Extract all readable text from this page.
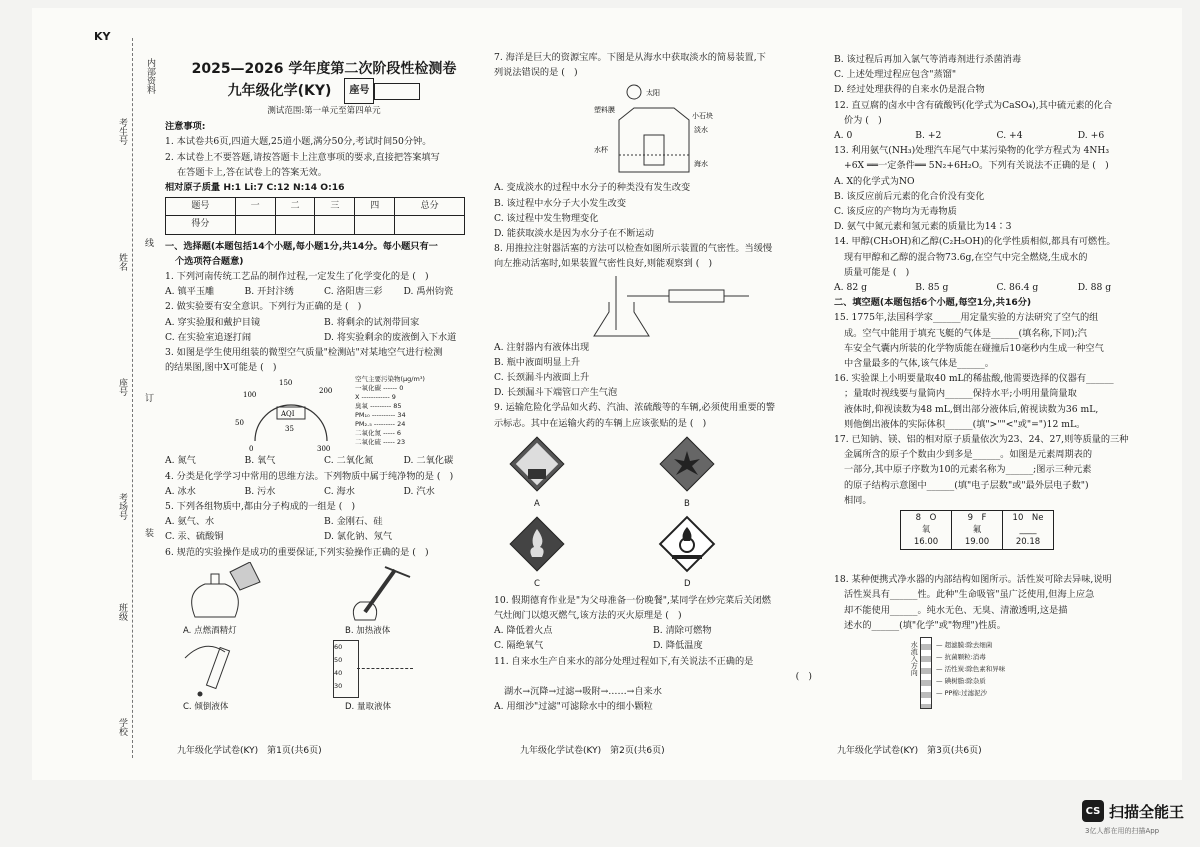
KY
内部资料
考生号
姓名
线
座号
订
考场号
装
班级
学校
2025—2026 学年度第二次阶段性检测卷
九年级化学(KY) 座号
测试范围:第一单元至第四单元
注意事项:
1. 本试卷共6页,四道大题,25道小题,满分50分,考试时间50分钟。
2. 本试卷上不要答题,请按答题卡上注意事项的要求,直接把答案填写
在答题卡上,答在试卷上的答案无效。
相对原子质量 H:1 Li:7 C:12 N:14 O:16
题号	一	二	三	四	总分
得分					
一、选择题(本题包括14个小题,每小题1分,共14分。每小题只有一
个选项符合题意)
1. 下列河南传统工艺品的制作过程,一定发生了化学变化的是 (　)
A. 镇平玉雕	B. 开封汴绣	C. 洛阳唐三彩	D. 禹州钧瓷
2. 做实验要有安全意识。下列行为正确的是 (　)
A. 穿实验服和戴护目镜	B. 将剩余的试剂带回家
C. 在实验室追逐打闹	D. 将实验剩余的废液倒入下水道
3. 如图是学生使用组装的微型空气质量"检测站"对某地空气进行检测
的结果图,图中X可能是 (　)
150
200
100
AQI
50
35
0	300
空气主要污染物(μg/m³)
一氧化碳 ------ 0
X ------------ 9
臭氧 --------- 85
PM₁₀ ---------- 34
PM₂.₅ --------- 24
二氧化氮 ----- 6
二氧化硫 ----- 23
A. 氮气	B. 氧气	C. 二氧化氮	D. 二氧化碳
4. 分类是化学学习中常用的思维方法。下列物质中属于纯净物的是 (　)
A. 冰水	B. 污水	C. 海水	D. 汽水
5. 下列各组物质中,都由分子构成的一组是 (　)
A. 氨气、水	B. 金刚石、硅
C. 汞、硫酸铜	D. 氯化钠、氖气
6. 规范的实验操作是成功的重要保证,下列实验操作正确的是 (　)
A. 点燃酒精灯	B. 加热液体
C. 倾倒液体
60
50
40
30
D. 量取液体
7. 海洋是巨大的资源宝库。下图是从海水中获取淡水的简易装置,下
列说法错误的是 (　)
太阳
塑料膜
小石块
淡水
水杯
海水
A. 变成淡水的过程中水分子的种类没有发生改变
B. 该过程中水分子大小发生改变
C. 该过程中发生物理变化
D. 能获取淡水是因为水分子在不断运动
8. 用推拉注射器活塞的方法可以检查如图所示装置的气密性。当缓慢
向左推动活塞时,如果装置气密性良好,则能观察到 (　)
A. 注射器内有液体出现
B. 瓶中液面明显上升
C. 长颈漏斗内液面上升
D. 长颈漏斗下端管口产生气泡
9. 运输危险化学品如火药、汽油、浓硫酸等的车辆,必须使用重要的警
示标志。其中在运输火药的车辆上应该张贴的是 (　)
A	B
C	D
10. 假期德育作业是"为父母准备一份晚餐",某同学在炒完菜后关闭燃
气灶阀门以熄灭燃气,该方法的灭火原理是 (　)
A. 降低着火点	B. 清除可燃物
C. 隔绝氧气	D. 降低温度
11. 自来水生产自来水的部分处理过程如下,有关说法不正确的是
(　)
湖水→沉降→过滤→吸附→……→自来水
A. 用细沙"过滤"可滤除水中的细小颗粒
B. 该过程后再加入氯气等消毒剂进行杀菌消毒
C. 上述处理过程应包含"蒸馏"
D. 经过处理获得的自来水仍是混合物
12. 直豆腐的卤水中含有硫酸钙(化学式为CaSO₄),其中硫元素的化合
价为 (　)
A. 0	B. +2	C. +4	D. +6
13. 利用氨气(NH₃)处理汽车尾气中某污染物的化学方程式为 4NH₃
+6X ══一定条件══ 5N₂+6H₂O。下列有关说法不正确的是 (　)
A. X的化学式为NO
B. 该反应前后元素的化合价没有变化
C. 该反应的产物均为无毒物质
D. 氨气中氮元素和氢元素的质量比为14∶3
14. 甲醇(CH₃OH)和乙醇(C₂H₅OH)的化学性质相似,都具有可燃性。
现有甲醇和乙醇的混合物73.6g,在空气中完全燃烧,生成水的
质量可能是 (　)
A. 82 g	B. 85 g	C. 86.4 g	D. 88 g
二、填空题(本题包括6个小题,每空1分,共16分)
15. 1775年,法国科学家______用定量实验的方法研究了空气的组
成。空气中能用于填充飞艇的气体是______(填名称,下同);汽
车安全气囊内所装的化学物质能在碰撞后10毫秒内生成一种空气
中含量最多的气体,该气体是______。
16. 实验课上小明要量取40 mL的稀盐酸,他需要选择的仪器有______
；量取时视线要与量筒内______保持水平;小明用量筒量取
液体时,仰视读数为48 mL,倒出部分液体后,俯视读数为36 mL,
则他倒出液体的实际体积______(填">""<"或"=")12 mL。
17. 已知钠、镁、铝的相对原子质量依次为23、24、27,则等质量的三种
金属所含的原子个数由少到多是______。如图是元素周期表的
一部分,其中原子序数为10的元素名称为______;图示三种元素
的原子结构示意图中______(填"电子层数"或"最外层电子数")
相同。
8　 O
氧
16.00

9　 F
氟
19.00

10　 Ne
____
20.18
18. 某种便携式净水器的内部结构如图所示。活性炭可除去异味,说明
活性炭具有______性。此种"生命吸管"虽广泛使用,但海上应急
却不能使用______。纯水无色、无臭、清澈透明,这是描
述水的______(填"化学"或"物理")性质。
水流入方向	— 超滤膜:除去细菌
— 抗菌颗粒:消毒
— 活性炭:除色素和异味
— 碘树脂:除杂质
— PP棉:过滤泥沙
九年级化学试卷(KY)　第1页(共6页)	九年级化学试卷(KY)　第2页(共6页)	九年级化学试卷(KY)　第3页(共6页)
CS 扫描全能王
3亿人都在用的扫描App
